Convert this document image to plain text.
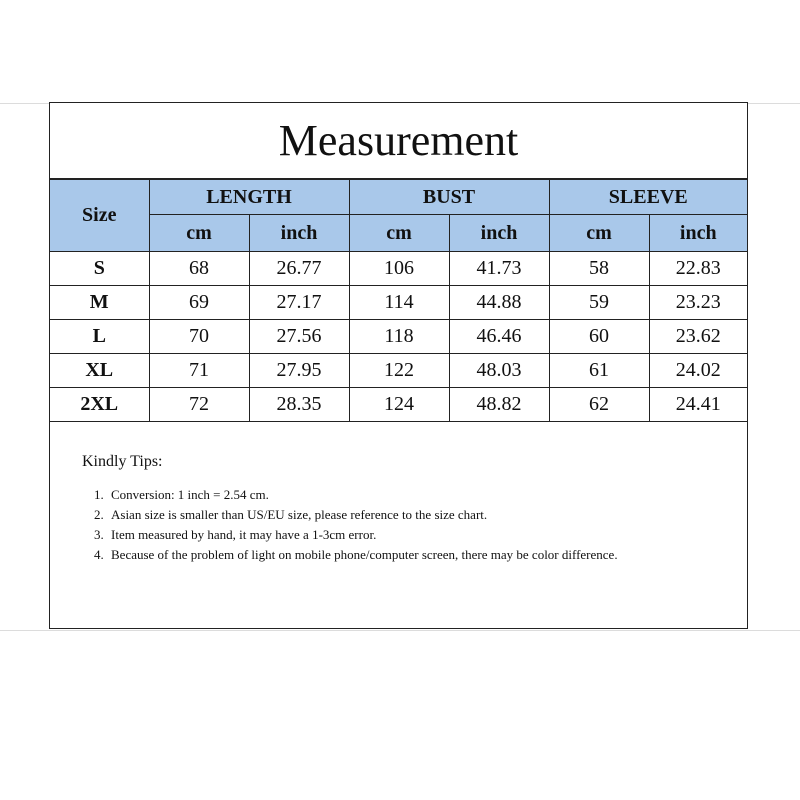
Measurement
Size	LENGTH		BUST		SLEEVE	
	cm	inch	cm	inch	cm	inch
S	68	26.77	106	41.73	58	22.83
M	69	27.17	114	44.88	59	23.23
L	70	27.56	118	46.46	60	23.62
XL	71	27.95	122	48.03	61	24.02
2XL	72	28.35	124	48.82	62	24.41
Kindly Tips:
1. Conversion: 1 inch = 2.54 cm.
2. Asian size is smaller than US/EU size, please reference to the size chart.
3. Item measured by hand, it may have a 1-3cm error.
4. Because of the problem of light on mobile phone/computer screen, there may be color difference.
